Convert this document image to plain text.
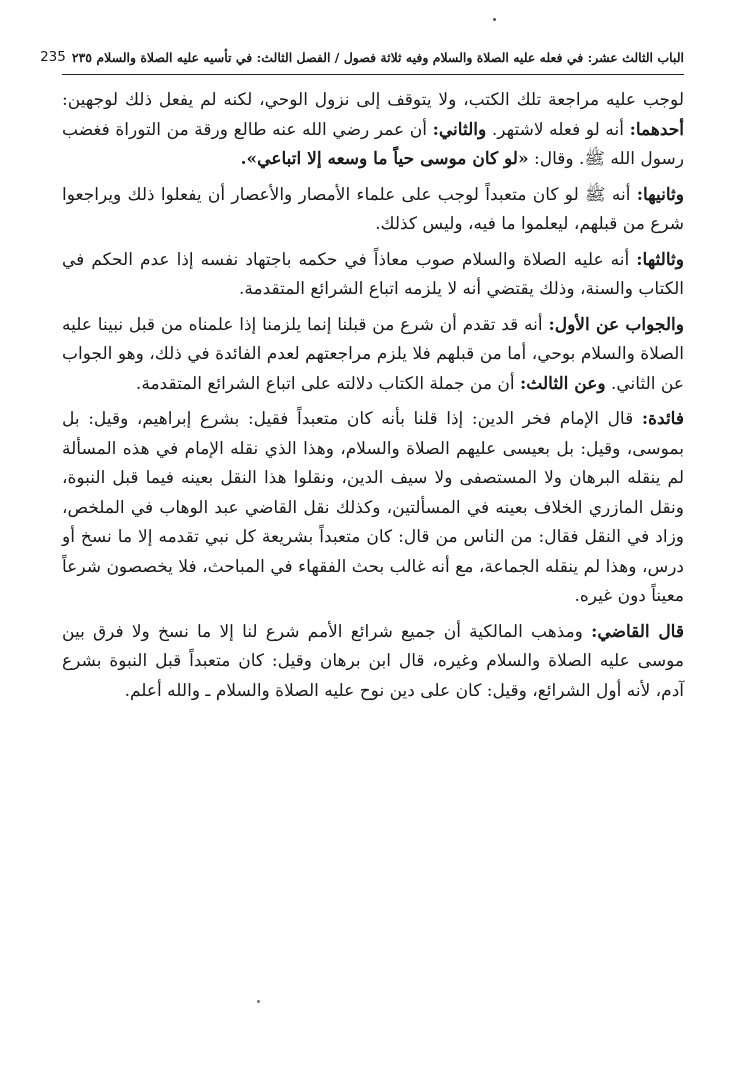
الباب الثالث عشر: في فعله عليه الصلاة والسلام وفيه ثلاثة فصول / الفصل الثالث: في تأسيه عليه الصلاة والسلام ٢٣٥
235

لوجب عليه مراجعة تلك الكتب، ولا يتوقف إلى نزول الوحي، لكنه لم يفعل ذلك لوجهين: أحدهما: أنه لو فعله لاشتهر. والثاني: أن عمر رضي الله عنه طالع ورقة من التوراة فغضب رسول الله ﷺ. وقال: «لو كان موسى حياً ما وسعه إلا اتباعي».

وثانيها: أنه ﷺ لو كان متعبداً لوجب على علماء الأمصار والأعصار أن يفعلوا ذلك ويراجعوا شرع من قبلهم، ليعلموا ما فيه، وليس كذلك.

وثالثها: أنه عليه الصلاة والسلام صوب معاذاً في حكمه باجتهاد نفسه إذا عدم الحكم في الكتاب والسنة، وذلك يقتضي أنه لا يلزمه اتباع الشرائع المتقدمة.

والجواب عن الأول: أنه قد تقدم أن شرع من قبلنا إنما يلزمنا إذا علمناه من قبل نبينا عليه الصلاة والسلام بوحي، أما من قبلهم فلا يلزم مراجعتهم لعدم الفائدة في ذلك، وهو الجواب عن الثاني. وعن الثالث: أن من جملة الكتاب دلالته على اتباع الشرائع المتقدمة.

فائدة: قال الإمام فخر الدين: إذا قلنا بأنه كان متعبداً فقيل: بشرع إبراهيم، وقيل: بل بموسى، وقيل: بل بعيسى عليهم الصلاة والسلام، وهذا الذي نقله الإمام في هذه المسألة لم ينقله البرهان ولا المستصفى ولا سيف الدين، ونقلوا هذا النقل بعينه فيما قبل النبوة، ونقل المازري الخلاف بعينه في المسألتين، وكذلك نقل القاضي عبد الوهاب في الملخص، وزاد في النقل فقال: من الناس من قال: كان متعبداً بشريعة كل نبي تقدمه إلا ما نسخ أو درس، وهذا لم ينقله الجماعة، مع أنه غالب بحث الفقهاء في المباحث، فلا يخصصون شرعاً معيناً دون غيره.

قال القاضي: ومذهب المالكية أن جميع شرائع الأمم شرع لنا إلا ما نسخ ولا فرق بين موسى عليه الصلاة والسلام وغيره، قال ابن برهان وقيل: كان متعبداً قبل النبوة بشرع آدم، لأنه أول الشرائع، وقيل: كان على دين نوح عليه الصلاة والسلام ـ والله أعلم.
